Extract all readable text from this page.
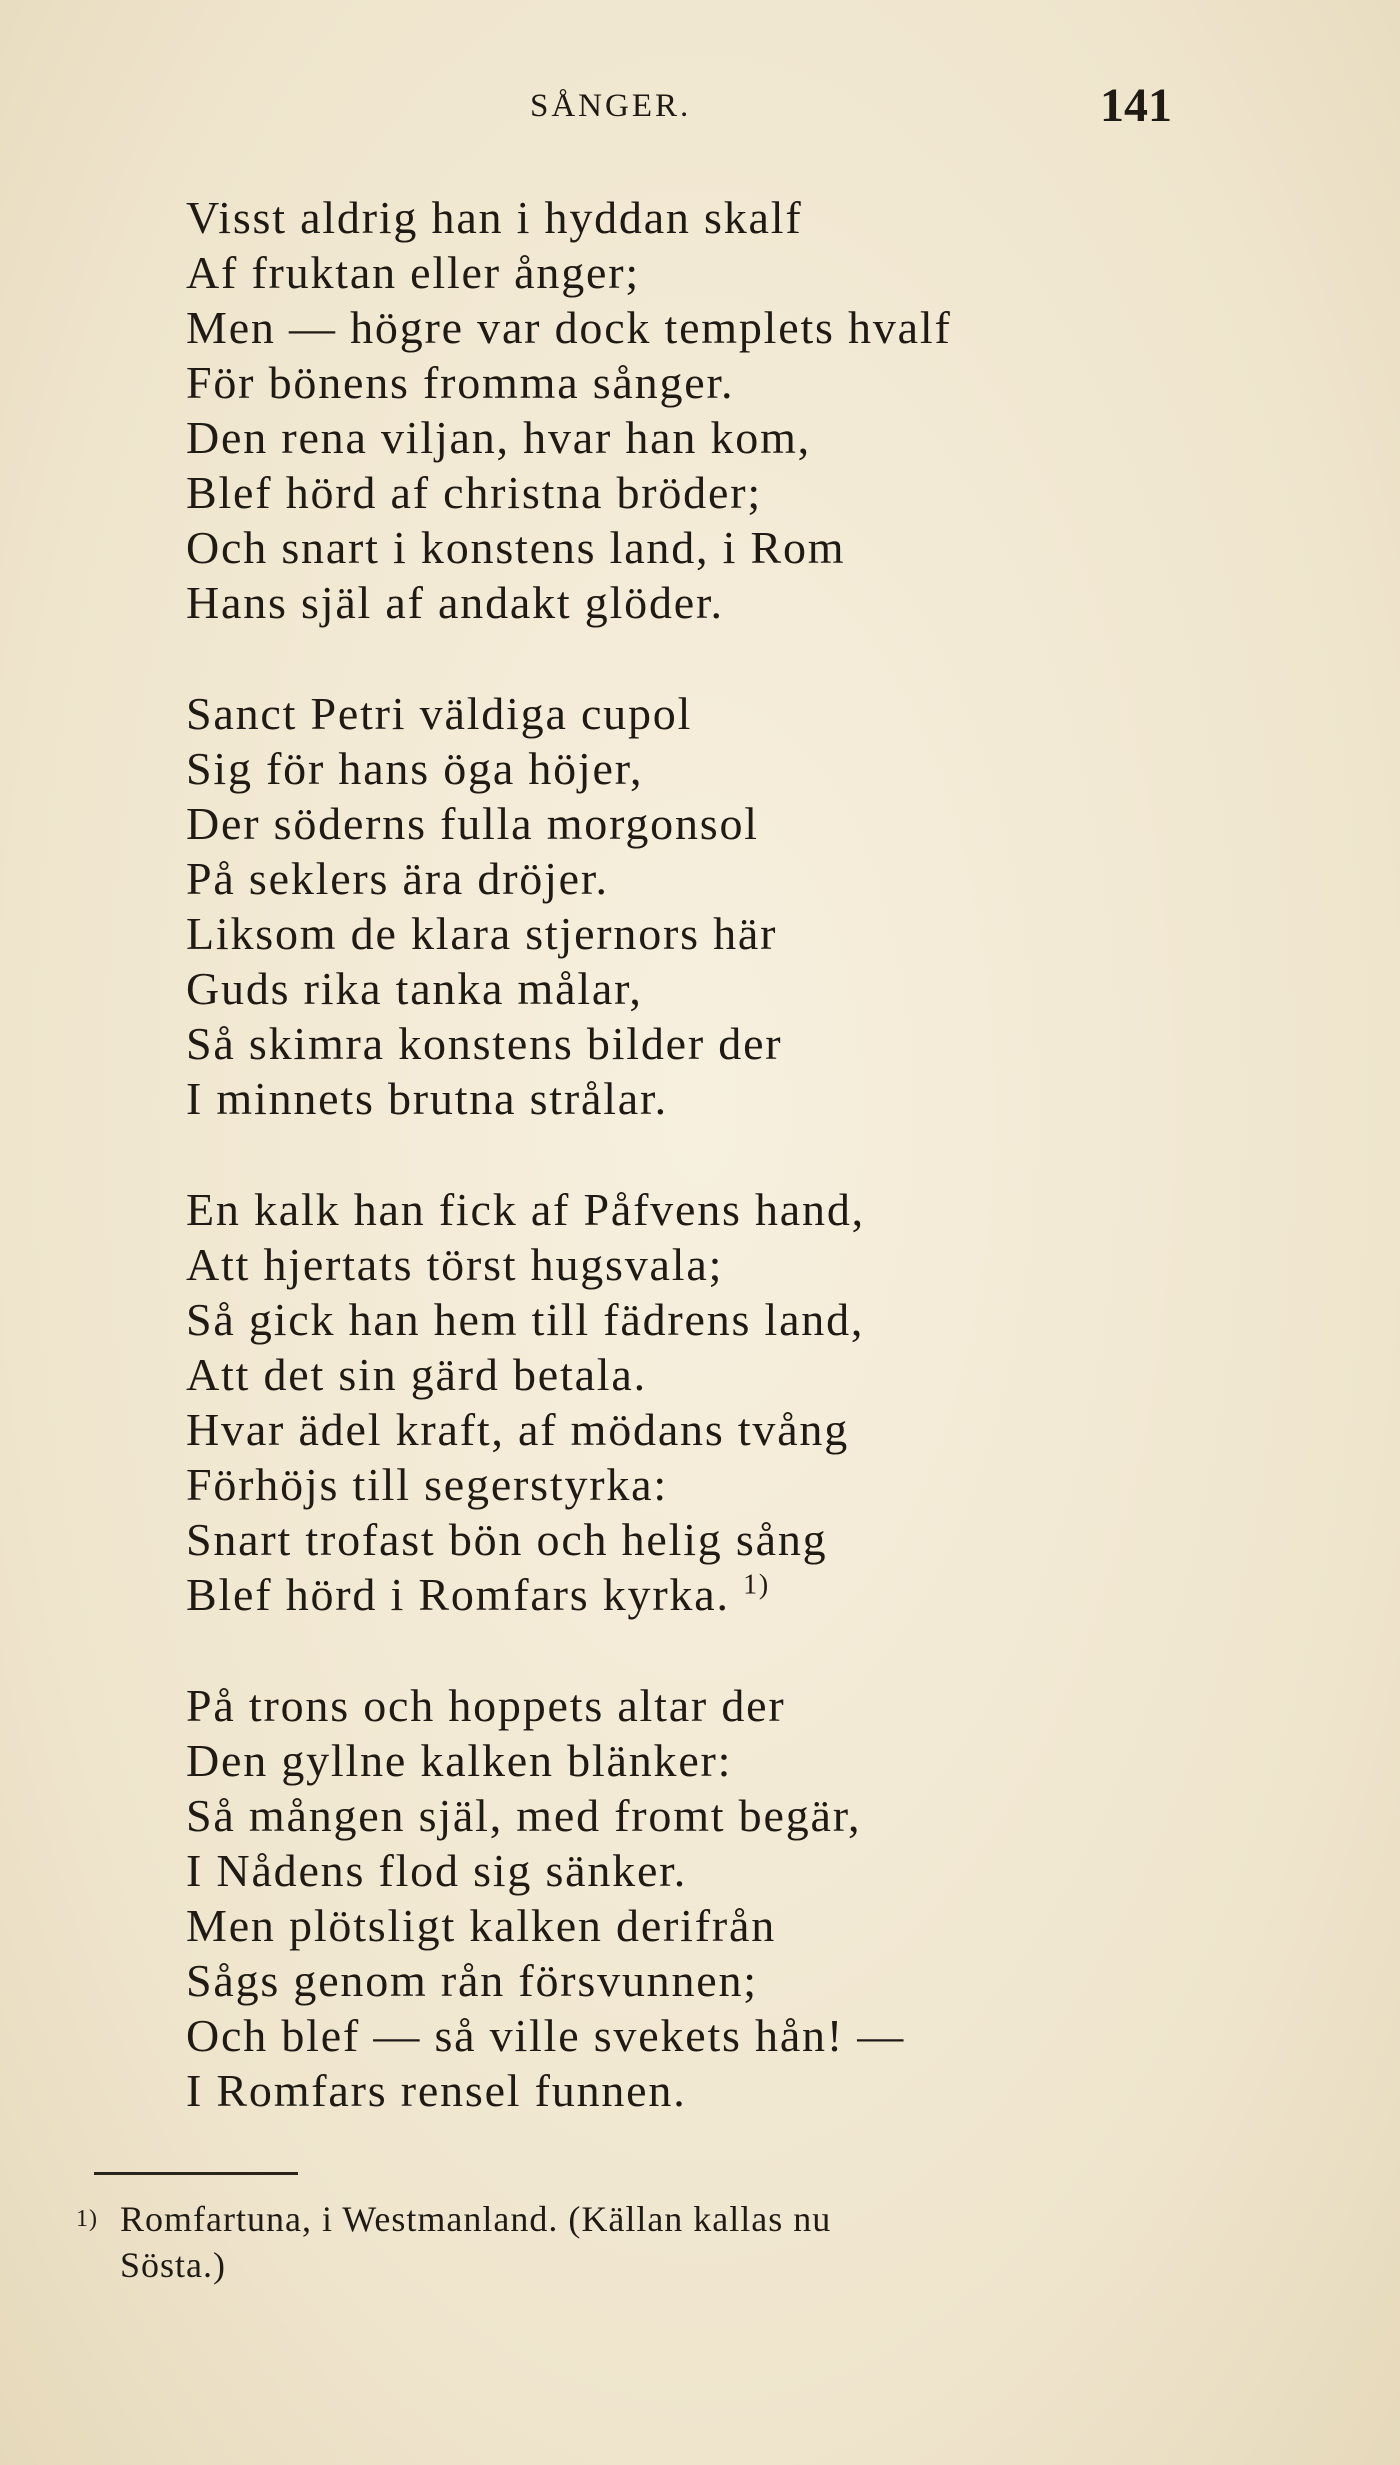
SÅNGER.	141
Visst aldrig han i hyddan skalf
Af fruktan eller ånger;
Men — högre var dock templets hvalf
För bönens fromma sånger.
Den rena viljan, hvar han kom,
Blef hörd af christna bröder;
Och snart i konstens land, i Rom
Hans själ af andakt glöder.
Sanct Petri väldiga cupol
Sig för hans öga höjer,
Der söderns fulla morgonsol
På seklers ära dröjer.
Liksom de klara stjernors här
Guds rika tanka målar,
Så skimra konstens bilder der
I minnets brutna strålar.
En kalk han fick af Påfvens hand,
Att hjertats törst hugsvala;
Så gick han hem till fädrens land,
Att det sin gärd betala.
Hvar ädel kraft, af mödans tvång
Förhöjs till segerstyrka:
Snart trofast bön och helig sång
Blef hörd i Romfars kyrka. $^{1)}$
På trons och hoppets altar der
Den gyllne kalken blänker:
Så mången själ, med fromt begär,
I Nådens flod sig sänker.
Men plötsligt kalken derifrån
Sågs genom rån försvunnen;
Och blef — så ville svekets hån! —
I Romfars rensel funnen.
$^{1)}$ Romfartuna, i Westmanland. (Källan kallas nu
Sösta.)
